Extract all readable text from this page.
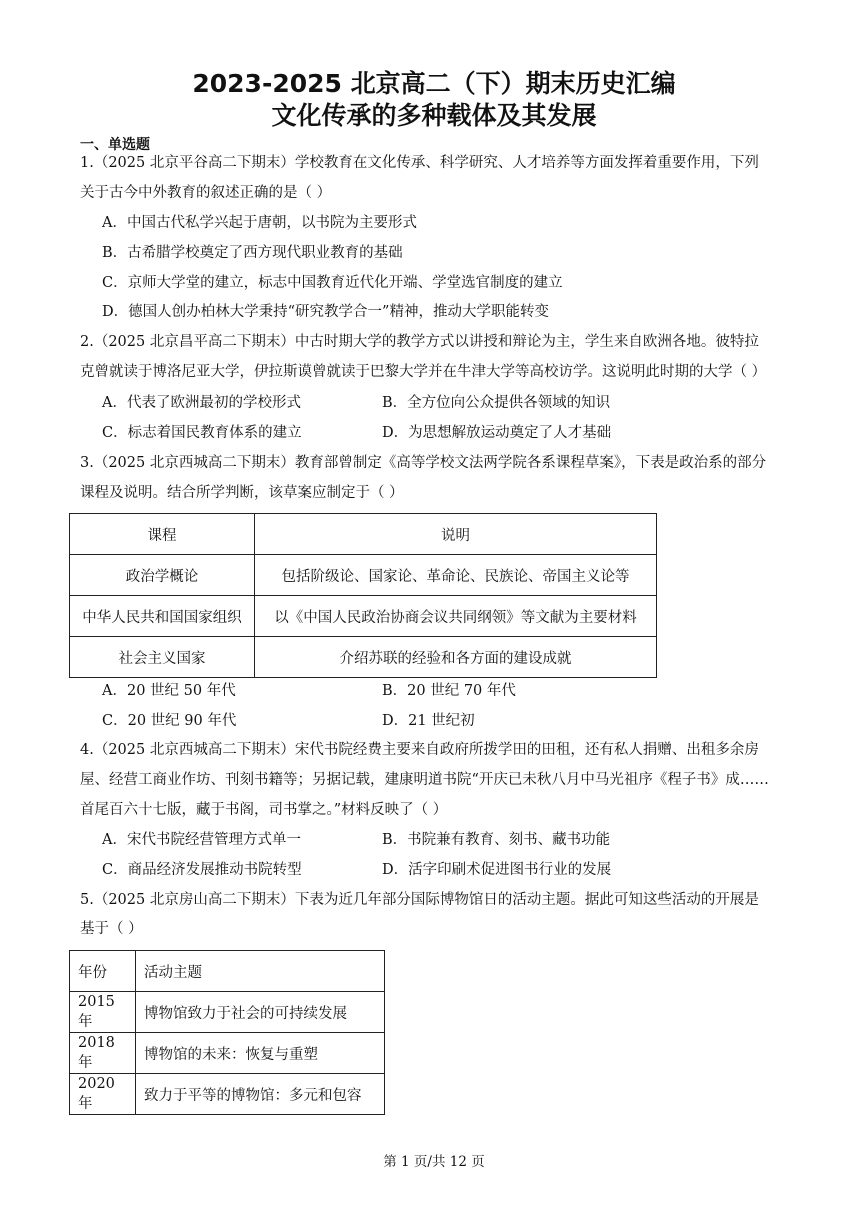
2023-2025 北京高二（下）期末历史汇编
文化传承的多种载体及其发展
一、单选题
1.（2025 北京平谷高二下期末）学校教育在文化传承、科学研究、人才培养等方面发挥着重要作用，下列
关于古今中外教育的叙述正确的是（ ）
A．中国古代私学兴起于唐朝，以书院为主要形式
B．古希腊学校奠定了西方现代职业教育的基础
C．京师大学堂的建立，标志中国教育近代化开端、学堂选官制度的建立
D．德国人创办柏林大学秉持“研究教学合一”精神，推动大学职能转变
2.（2025 北京昌平高二下期末）中古时期大学的教学方式以讲授和辩论为主，学生来自欧洲各地。彼特拉
克曾就读于博洛尼亚大学，伊拉斯谟曾就读于巴黎大学并在牛津大学等高校访学。这说明此时期的大学（ ）
A．代表了欧洲最初的学校形式	B．全方位向公众提供各领域的知识
C．标志着国民教育体系的建立	D．为思想解放运动奠定了人才基础
3.（2025 北京西城高二下期末）教育部曾制定《高等学校文法两学院各系课程草案》，下表是政治系的部分
课程及说明。结合所学判断，该草案应制定于（ ）
课程	说明
政治学概论	包括阶级论、国家论、革命论、民族论、帝国主义论等
中华人民共和国国家组织	以《中国人民政治协商会议共同纲领》等文献为主要材料
社会主义国家	介绍苏联的经验和各方面的建设成就
A．20 世纪 50 年代	B．20 世纪 70 年代
C．20 世纪 90 年代	D．21 世纪初
4.（2025 北京西城高二下期末）宋代书院经费主要来自政府所拨学田的田租，还有私人捐赠、出租多余房
屋、经营工商业作坊、刊刻书籍等；另据记载，建康明道书院“开庆已未秋八月中马光祖序《程子书》成……
首尾百六十七版，藏于书阁，司书掌之。”材料反映了（ ）
A．宋代书院经营管理方式单一	B．书院兼有教育、刻书、藏书功能
C．商品经济发展推动书院转型	D．活字印刷术促进图书行业的发展
5.（2025 北京房山高二下期末）下表为近几年部分国际博物馆日的活动主题。据此可知这些活动的开展是
基于（ ）
年份	活动主题
2015 年	博物馆致力于社会的可持续发展
2018 年	博物馆的未来：恢复与重塑
2020 年	致力于平等的博物馆：多元和包容
第 1 页/共 12 页
